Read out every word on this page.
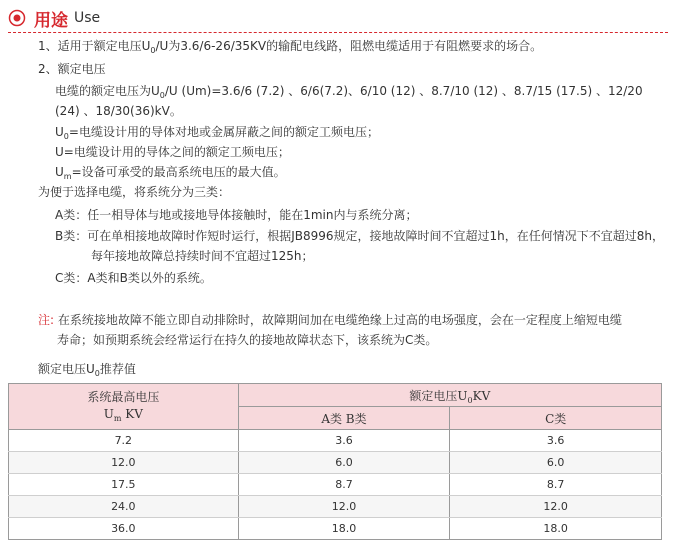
用途 Use
1、适用于额定电压$U_0/U$为3.6/6-26/35KV的输配电线路，阻燃电缆适用于有阻燃要求的场合。
2、额定电压
电缆的额定电压为$U_0/U$ (Um)=3.6/6 (7.2) 、6/6(7.2)、6/10 (12) 、8.7/10 (12) 、8.7/15 (17.5) 、12/20
(24) 、18/30(36)kV。
$U_0=$电缆设计用的导体对地或金属屏蔽之间的额定工频电压；
U=电缆设计用的导体之间的额定工频电压；
$U_m=$设备可承受的最高系统电压的最大值。
为便于选择电缆，将系统分为三类：
A类：任一相导体与地或接地导体接触时，能在1min内与系统分离；
B类：可在单相接地故障时作短时运行，根据JB8996规定，接地故障时间不宜超过1h，在任何情况下不宜超过8h，
每年接地故障总持续时间不宜超过125h；
C类：A类和B类以外的系统。
注: 在系统接地故障不能立即自动排除时，故障期间加在电缆绝缘上过高的电场强度，会在一定程度上缩短电缆
寿命；如预期系统会经常运行在持久的接地故障状态下，该系统为C类。
额定电压$U_0$推荐值
系统最高电压
$U_m$ KV	额定电压$U_0KV$	
	A类 B类	C类
7.2	3.6	3.6
12.0	6.0	6.0
17.5	8.7	8.7
24.0	12.0	12.0
36.0	18.0	18.0
